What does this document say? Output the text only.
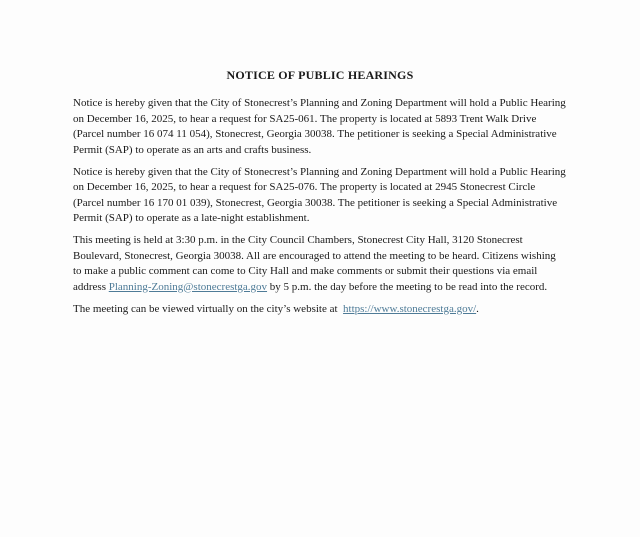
NOTICE OF PUBLIC HEARINGS

Notice is hereby given that the City of Stonecrest’s Planning and Zoning Department will hold a Public Hearing on December 16, 2025, to hear a request for SA25-061. The property is located at 5893 Trent Walk Drive (Parcel number 16 074 11 054), Stonecrest, Georgia 30038. The petitioner is seeking a Special Administrative Permit (SAP) to operate as an arts and crafts business.

Notice is hereby given that the City of Stonecrest’s Planning and Zoning Department will hold a Public Hearing on December 16, 2025, to hear a request for SA25-076. The property is located at 2945 Stonecrest Circle (Parcel number 16 170 01 039), Stonecrest, Georgia 30038. The petitioner is seeking a Special Administrative Permit (SAP) to operate as a late-night establishment.

This meeting is held at 3:30 p.m. in the City Council Chambers, Stonecrest City Hall, 3120 Stonecrest Boulevard, Stonecrest, Georgia 30038. All are encouraged to attend the meeting to be heard. Citizens wishing to make a public comment can come to City Hall and make comments or submit their questions via email address Planning-Zoning@stonecrestga.gov by 5 p.m. the day before the meeting to be read into the record.

The meeting can be viewed virtually on the city’s website at  https://www.stonecrestga.gov/.
